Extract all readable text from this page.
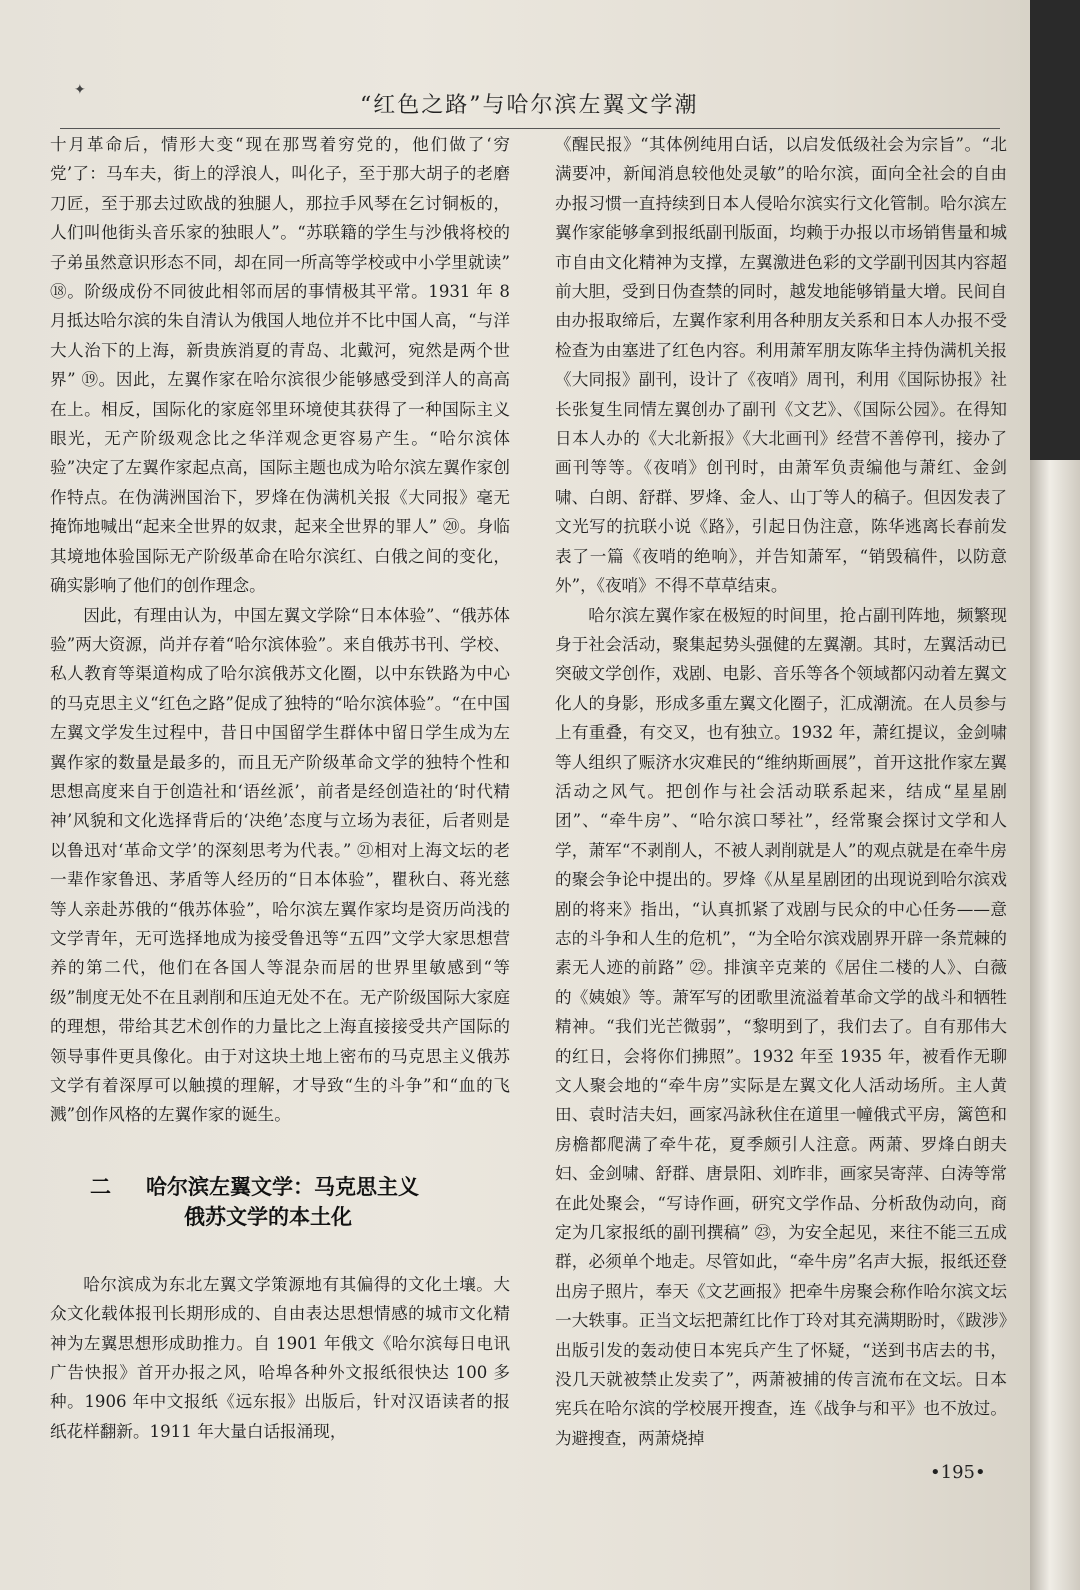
✦
“红色之路”与哈尔滨左翼文学潮

十月革命后，情形大变“现在那骂着穷党的，他们做了‘穷党’了：马车夫，街上的浮浪人，叫化子，至于那大胡子的老磨刀匠，至于那去过欧战的独腿人，那拉手风琴在乞讨铜板的，人们叫他街头音乐家的独眼人”。“苏联籍的学生与沙俄将校的子弟虽然意识形态不同，却在同一所高等学校或中小学里就读” ⑱。阶级成份不同彼此相邻而居的事情极其平常。1931 年 8 月抵达哈尔滨的朱自清认为俄国人地位并不比中国人高，“与洋大人治下的上海，新贵族消夏的青岛、北戴河，宛然是两个世界” ⑲。因此，左翼作家在哈尔滨很少能够感受到洋人的高高在上。相反，国际化的家庭邻里环境使其获得了一种国际主义眼光，无产阶级观念比之华洋观念更容易产生。“哈尔滨体验”决定了左翼作家起点高，国际主题也成为哈尔滨左翼作家创作特点。在伪满洲国治下，罗烽在伪满机关报《大同报》毫无掩饰地喊出“起来全世界的奴隶，起来全世界的罪人” ⑳。身临其境地体验国际无产阶级革命在哈尔滨红、白俄之间的变化，确实影响了他们的创作理念。

因此，有理由认为，中国左翼文学除“日本体验”、“俄苏体验”两大资源，尚并存着“哈尔滨体验”。来自俄苏书刊、学校、私人教育等渠道构成了哈尔滨俄苏文化圈，以中东铁路为中心的马克思主义“红色之路”促成了独特的“哈尔滨体验”。“在中国左翼文学发生过程中，昔日中国留学生群体中留日学生成为左翼作家的数量是最多的，而且无产阶级革命文学的独特个性和思想高度来自于创造社和‘语丝派’，前者是经创造社的‘时代精神’风貌和文化选择背后的‘决绝’态度与立场为表征，后者则是以鲁迅对‘革命文学’的深刻思考为代表。” ㉑相对上海文坛的老一辈作家鲁迅、茅盾等人经历的“日本体验”，瞿秋白、蒋光慈等人亲赴苏俄的“俄苏体验”，哈尔滨左翼作家均是资历尚浅的文学青年，无可选择地成为接受鲁迅等“五四”文学大家思想营养的第二代，他们在各国人等混杂而居的世界里敏感到“等级”制度无处不在且剥削和压迫无处不在。无产阶级国际大家庭的理想，带给其艺术创作的力量比之上海直接接受共产国际的领导事件更具像化。由于对这块土地上密布的马克思主义俄苏文学有着深厚可以触摸的理解，才导致“生的斗争”和“血的飞溅”创作风格的左翼作家的诞生。

二 哈尔滨左翼文学：马克思主义
俄苏文学的本土化

哈尔滨成为东北左翼文学策源地有其偏得的文化土壤。大众文化载体报刊长期形成的、自由表达思想情感的城市文化精神为左翼思想形成助推力。自 1901 年俄文《哈尔滨每日电讯广告快报》首开办报之风，哈埠各种外文报纸很快达 100 多种。1906 年中文报纸《远东报》出版后，针对汉语读者的报纸花样翻新。1911 年大量白话报涌现，

《醒民报》“其体例纯用白话，以启发低级社会为宗旨”。“北满要冲，新闻消息较他处灵敏”的哈尔滨，面向全社会的自由办报习惯一直持续到日本人侵哈尔滨实行文化管制。哈尔滨左翼作家能够拿到报纸副刊版面，均赖于办报以市场销售量和城市自由文化精神为支撑，左翼激进色彩的文学副刊因其内容超前大胆，受到日伪查禁的同时，越发地能够销量大增。民间自由办报取缔后，左翼作家利用各种朋友关系和日本人办报不受检查为由塞进了红色内容。利用萧军朋友陈华主持伪满机关报《大同报》副刊，设计了《夜哨》周刊，利用《国际协报》社长张复生同情左翼创办了副刊《文艺》、《国际公园》。在得知日本人办的《大北新报》《大北画刊》经营不善停刊，接办了画刊等等。《夜哨》创刊时，由萧军负责编他与萧红、金剑啸、白朗、舒群、罗烽、金人、山丁等人的稿子。但因发表了文光写的抗联小说《路》，引起日伪注意，陈华逃离长春前发表了一篇《夜哨的绝响》，并告知萧军，“销毁稿件，以防意外”，《夜哨》不得不草草结束。

哈尔滨左翼作家在极短的时间里，抢占副刊阵地，频繁现身于社会活动，聚集起势头强健的左翼潮。其时，左翼活动已突破文学创作，戏剧、电影、音乐等各个领域都闪动着左翼文化人的身影，形成多重左翼文化圈子，汇成潮流。在人员参与上有重叠，有交叉，也有独立。1932 年，萧红提议，金剑啸等人组织了赈济水灾难民的“维纳斯画展”，首开这批作家左翼活动之风气。把创作与社会活动联系起来，结成“星星剧团”、“牵牛房”、“哈尔滨口琴社”，经常聚会探讨文学和人学，萧军“不剥削人，不被人剥削就是人”的观点就是在牵牛房的聚会争论中提出的。罗烽《从星星剧团的出现说到哈尔滨戏剧的将来》指出，“认真抓紧了戏剧与民众的中心任务——意志的斗争和人生的危机”，“为全哈尔滨戏剧界开辟一条荒棘的素无人迹的前路” ㉒。排演辛克莱的《居住二楼的人》、白薇的《姨娘》等。萧军写的团歌里流溢着革命文学的战斗和牺牲精神。“我们光芒微弱”，“黎明到了，我们去了。自有那伟大的红日，会将你们拂照”。1932 年至 1935 年，被看作无聊文人聚会地的“牵牛房”实际是左翼文化人活动场所。主人黄田、袁时洁夫妇，画家冯詠秋住在道里一幢俄式平房，篱笆和房檐都爬满了牵牛花，夏季颇引人注意。两萧、罗烽白朗夫妇、金剑啸、舒群、唐景阳、刘昨非，画家吴寄萍、白涛等常在此处聚会，“写诗作画，研究文学作品、分析敌伪动向，商定为几家报纸的副刊撰稿” ㉓，为安全起见，来往不能三五成群，必须单个地走。尽管如此，“牵牛房”名声大振，报纸还登出房子照片，奉天《文艺画报》把牵牛房聚会称作哈尔滨文坛一大轶事。正当文坛把萧红比作丁玲对其充满期盼时，《跋涉》出版引发的轰动使日本宪兵产生了怀疑，“送到书店去的书，没几天就被禁止发卖了”，两萧被捕的传言流布在文坛。日本宪兵在哈尔滨的学校展开搜查，连《战争与和平》也不放过。为避搜查，两萧烧掉

•195•
